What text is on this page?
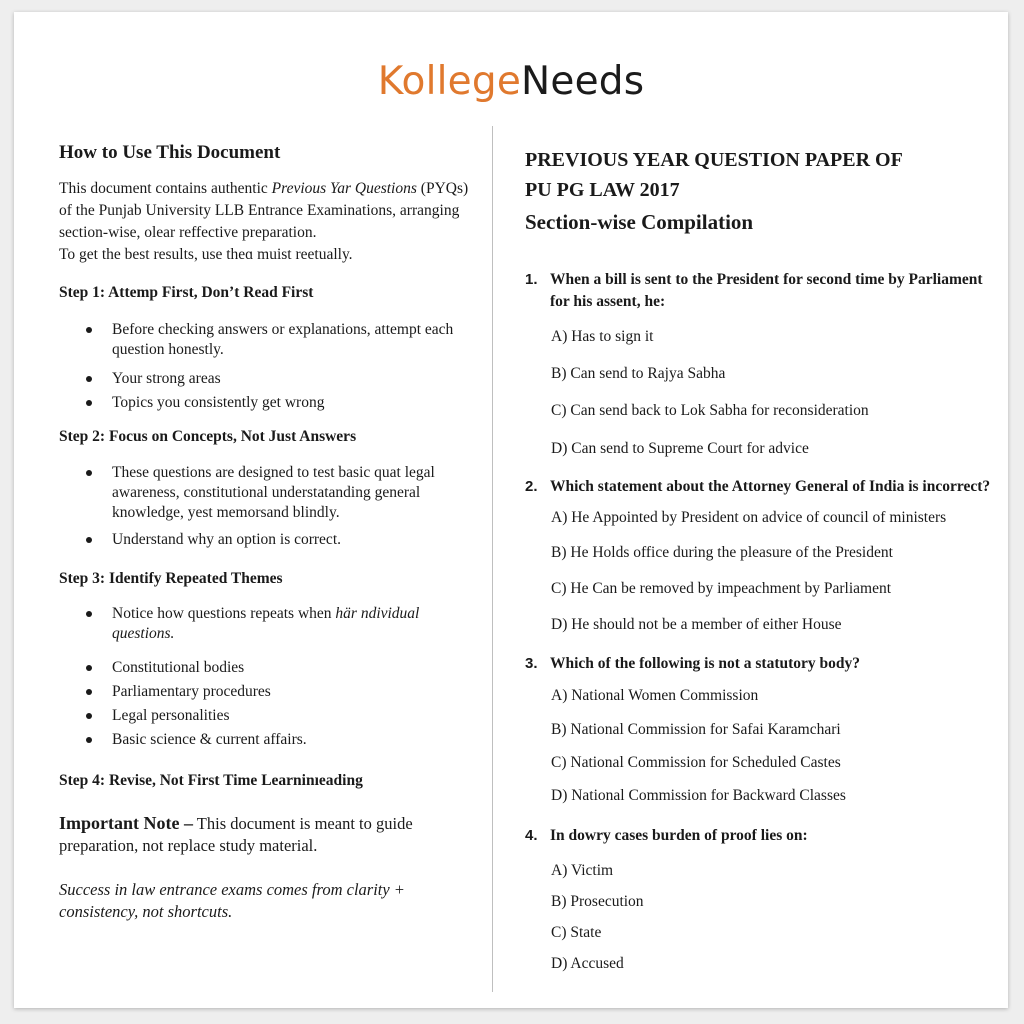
KollegeNeeds
How to Use This Document

This document contains authentic Previous Yar Questions (PYQs) of the Punjab University LLB Entrance Examinations, arranging section-wise, olear reffective preparation.
To get the best results, use theɑ muist reetually.

Step 1: Attemp First, Don’t Read First
Before checking answers or explanations, attempt each question honestly.
Your strong areas
Topics you consistently get wrong
Step 2: Focus on Concepts, Not Just Answers
These questions are designed to test basic quat legal awareness, constitutional understatanding general knowledge, yest memorsand blindly.
Understand why an option is correct.
Step 3: Identify Repeated Themes
Notice how questions repeats when här ndividual questions.
Constitutional bodies
Parliamentary procedures
Legal personalities
Basic science & current affairs.
Step 4: Revise, Not First Time Learninıeading

Important Note – This document is meant to guide preparation, not replace study material.

Success in law entrance exams comes from clarity + consistency, not shortcuts.

PREVIOUS YEAR QUESTION PAPER OF
PU PG LAW 2017
Section-wise Compilation
1. When a bill is sent to the President for second time by Parliament for his assent, he:
A) Has to sign it
B) Can send to Rajya Sabha
C) Can send back to Lok Sabha for reconsideration
D) Can send to Supreme Court for advice
2. Which statement about the Attorney General of India is incorrect?
A) He Appointed by President on advice of council of ministers
B) He Holds office during the pleasure of the President
C) He Can be removed by impeachment by Parliament
D) He should not be a member of either House
3. Which of the following is not a statutory body?
A) National Women Commission
B) National Commission for Safai Karamchari
C) National Commission for Scheduled Castes
D) National Commission for Backward Classes
4. In dowry cases burden of proof lies on:
A) Victim
B) Prosecution
C) State
D) Accused
